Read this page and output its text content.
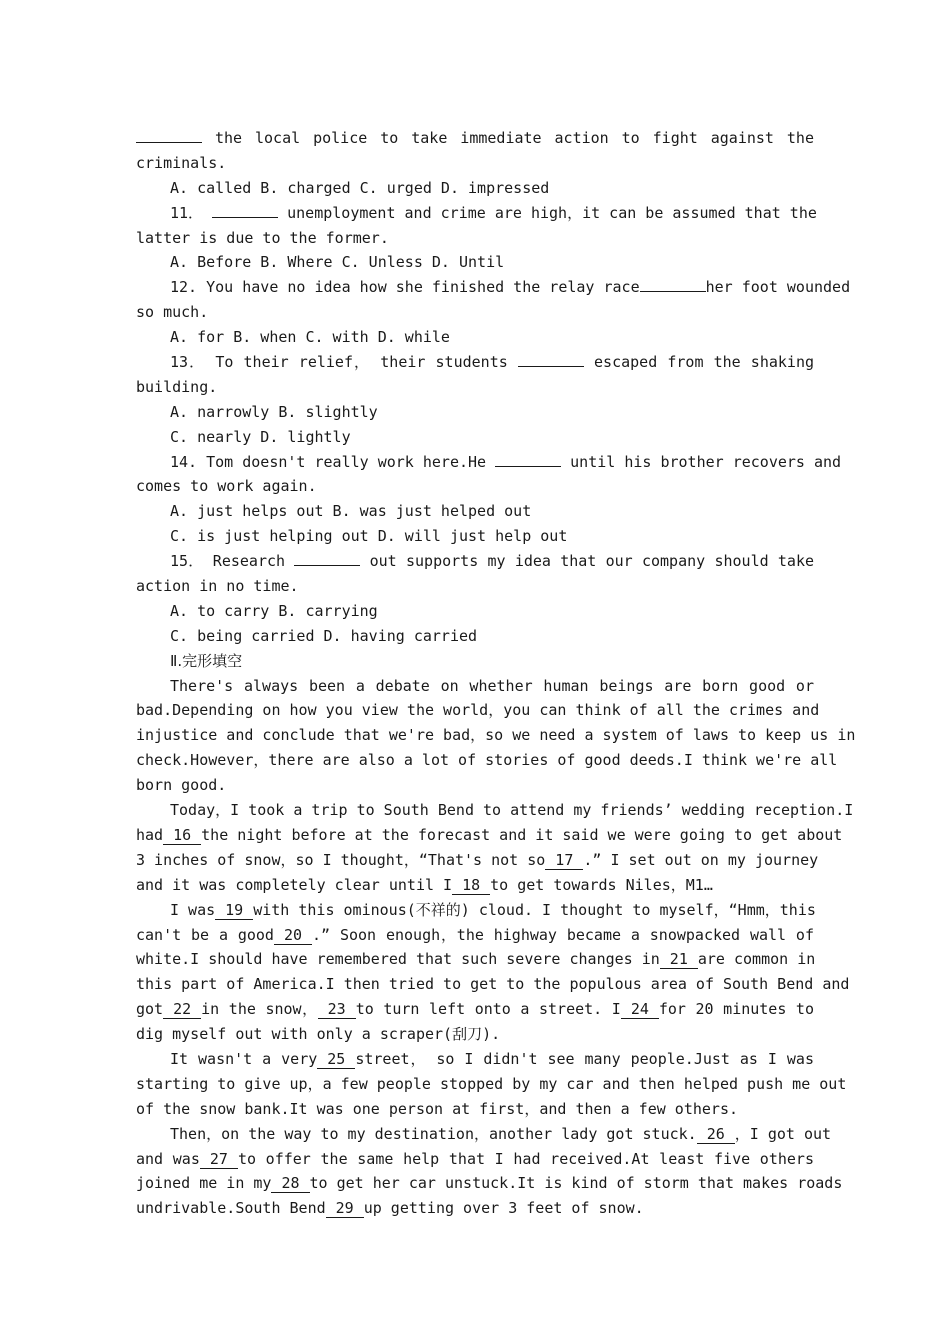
the local police to take immediate action to fight against the
criminals.
A. called B. charged C. urged D. impressed
11．	unemployment and crime are high，it can be assumed that the
latter is due to the former.
A. Before B. Where C. Unless D. Until
12. You have no idea how she finished the relay race	her foot wounded
so much.
A. for B. when C. with D. while
13． To their relief， their students	escaped from the shaking
building.
A. narrowly B. slightly
C. nearly D. lightly
14. Tom doesn't really work here.He	until his brother recovers and
comes to work again.
A. just helps out B. was just helped out
C. is just helping out D. will just help out
15． Research	out supports my idea that our company should take
action in no time.
A. to carry B. carrying
C. being carried D. having carried
Ⅱ.完形填空
There's always been a debate on whether human beings are born good or
bad.Depending on how you view the world，you can think of all the crimes and
injustice and conclude that we're bad，so we need a system of laws to keep us in
check.However，there are also a lot of stories of good deeds.I think we're all
born good.
Today，I took a trip to South Bend to attend my friends’ wedding reception.I
had 16 the night before at the forecast and it said we were going to get about
3 inches of snow，so I thought，“That's not so 17 .” I set out on my journey
and it was completely clear until I 18 to get towards Niles，M1…
I was 19 with this ominous(不祥的) cloud. I thought to myself，“Hmm，this
can't be a good 20 .” Soon enough，the highway became a snowpacked wall of
white.I should have remembered that such severe changes in 21 are common in
this part of America.I then tried to get to the populous area of South Bend and
got 22 in the snow， 23 to turn left onto a street. I 24 for 20 minutes to
dig myself out with only a scraper(刮刀).
It wasn't a very 25 street， so I didn't see many people.Just as I was
starting to give up，a few people stopped by my car and then helped push me out
of the snow bank.It was one person at first，and then a few others.
Then，on the way to my destination，another lady got stuck. 26 ，I got out
and was 27 to offer the same help that I had received.At least five others
joined me in my 28 to get her car unstuck.It is kind of storm that makes roads
undrivable.South Bend 29 up getting over 3 feet of snow.
